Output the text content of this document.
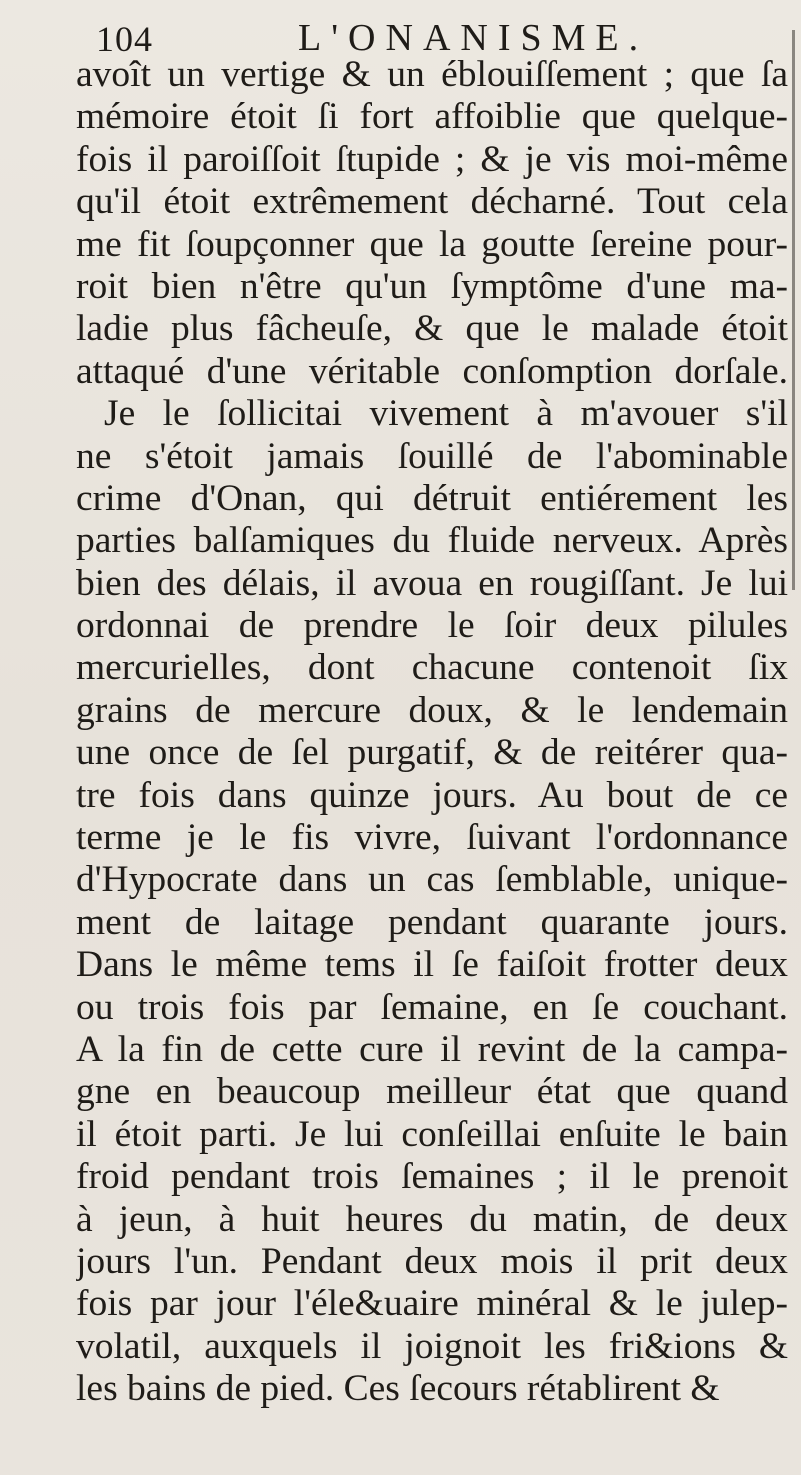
104	L'ONANISME.
avoît un vertige & un éblouiſſement ; que ſa
mémoire étoit ſi fort affoiblie que quelque-
fois il paroiſſoit ſtupide ; & je vis moi-même
qu'il étoit extrêmement décharné. Tout cela
me fit ſoupçonner que la goutte ſereine pour-
roit bien n'être qu'un ſymptôme d'une ma-
ladie plus fâcheuſe, & que le malade étoit
attaqué d'une véritable conſomption dorſale.
Je le ſollicitai vivement à m'avouer s'il
ne s'étoit jamais ſouillé de l'abominable
crime d'Onan, qui détruit entiérement les
parties balſamiques du fluide nerveux. Après
bien des délais, il avoua en rougiſſant. Je lui
ordonnai de prendre le ſoir deux pilules
mercurielles, dont chacune contenoit ſix
grains de mercure doux, & le lendemain
une once de ſel purgatif, & de reitérer qua-
tre fois dans quinze jours. Au bout de ce
terme je le fis vivre, ſuivant l'ordonnance
d'Hypocrate dans un cas ſemblable, unique-
ment de laitage pendant quarante jours.
Dans le même tems il ſe faiſoit frotter deux
ou trois fois par ſemaine, en ſe couchant.
A la fin de cette cure il revint de la campa-
gne en beaucoup meilleur état que quand
il étoit parti. Je lui conſeillai enſuite le bain
froid pendant trois ſemaines ; il le prenoit
à jeun, à huit heures du matin, de deux
jours l'un. Pendant deux mois il prit deux
fois par jour l'éle&uaire minéral & le julep-
volatil, auxquels il joignoit les fri&ions &
les bains de pied. Ces ſecours rétablirent &
